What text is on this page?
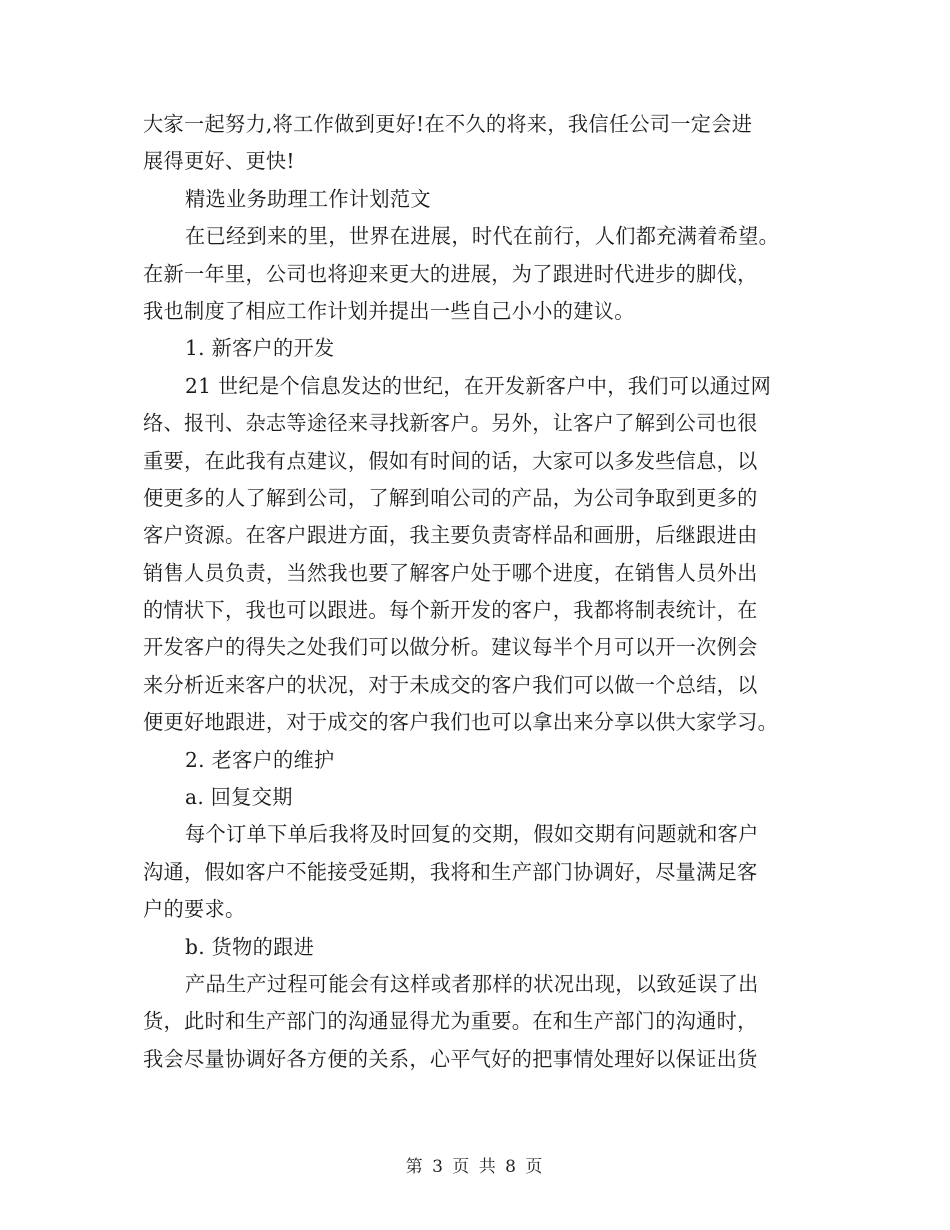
大家一起努力,将工作做到更好!在不久的将来，我信任公司一定会进
展得更好、更快!
精选业务助理工作计划范文
在已经到来的里，世界在进展，时代在前行，人们都充满着希望。
在新一年里，公司也将迎来更大的进展，为了跟进时代进步的脚伐，
我也制度了相应工作计划并提出一些自己小小的建议。
1. 新客户的开发
21 世纪是个信息发达的世纪，在开发新客户中，我们可以通过网
络、报刊、杂志等途径来寻找新客户。另外，让客户了解到公司也很
重要，在此我有点建议，假如有时间的话，大家可以多发些信息，以
便更多的人了解到公司，了解到咱公司的产品，为公司争取到更多的
客户资源。在客户跟进方面，我主要负责寄样品和画册，后继跟进由
销售人员负责，当然我也要了解客户处于哪个进度，在销售人员外出
的情状下，我也可以跟进。每个新开发的客户，我都将制表统计，在
开发客户的得失之处我们可以做分析。建议每半个月可以开一次例会
来分析近来客户的状况，对于未成交的客户我们可以做一个总结，以
便更好地跟进，对于成交的客户我们也可以拿出来分享以供大家学习。
2. 老客户的维护
a. 回复交期
每个订单下单后我将及时回复的交期，假如交期有问题就和客户
沟通，假如客户不能接受延期，我将和生产部门协调好，尽量满足客
户的要求。
b. 货物的跟进
产品生产过程可能会有这样或者那样的状况出现，以致延误了出
货，此时和生产部门的沟通显得尤为重要。在和生产部门的沟通时，
我会尽量协调好各方便的关系，心平气好的把事情处理好以保证出货
第 3 页 共 8 页
